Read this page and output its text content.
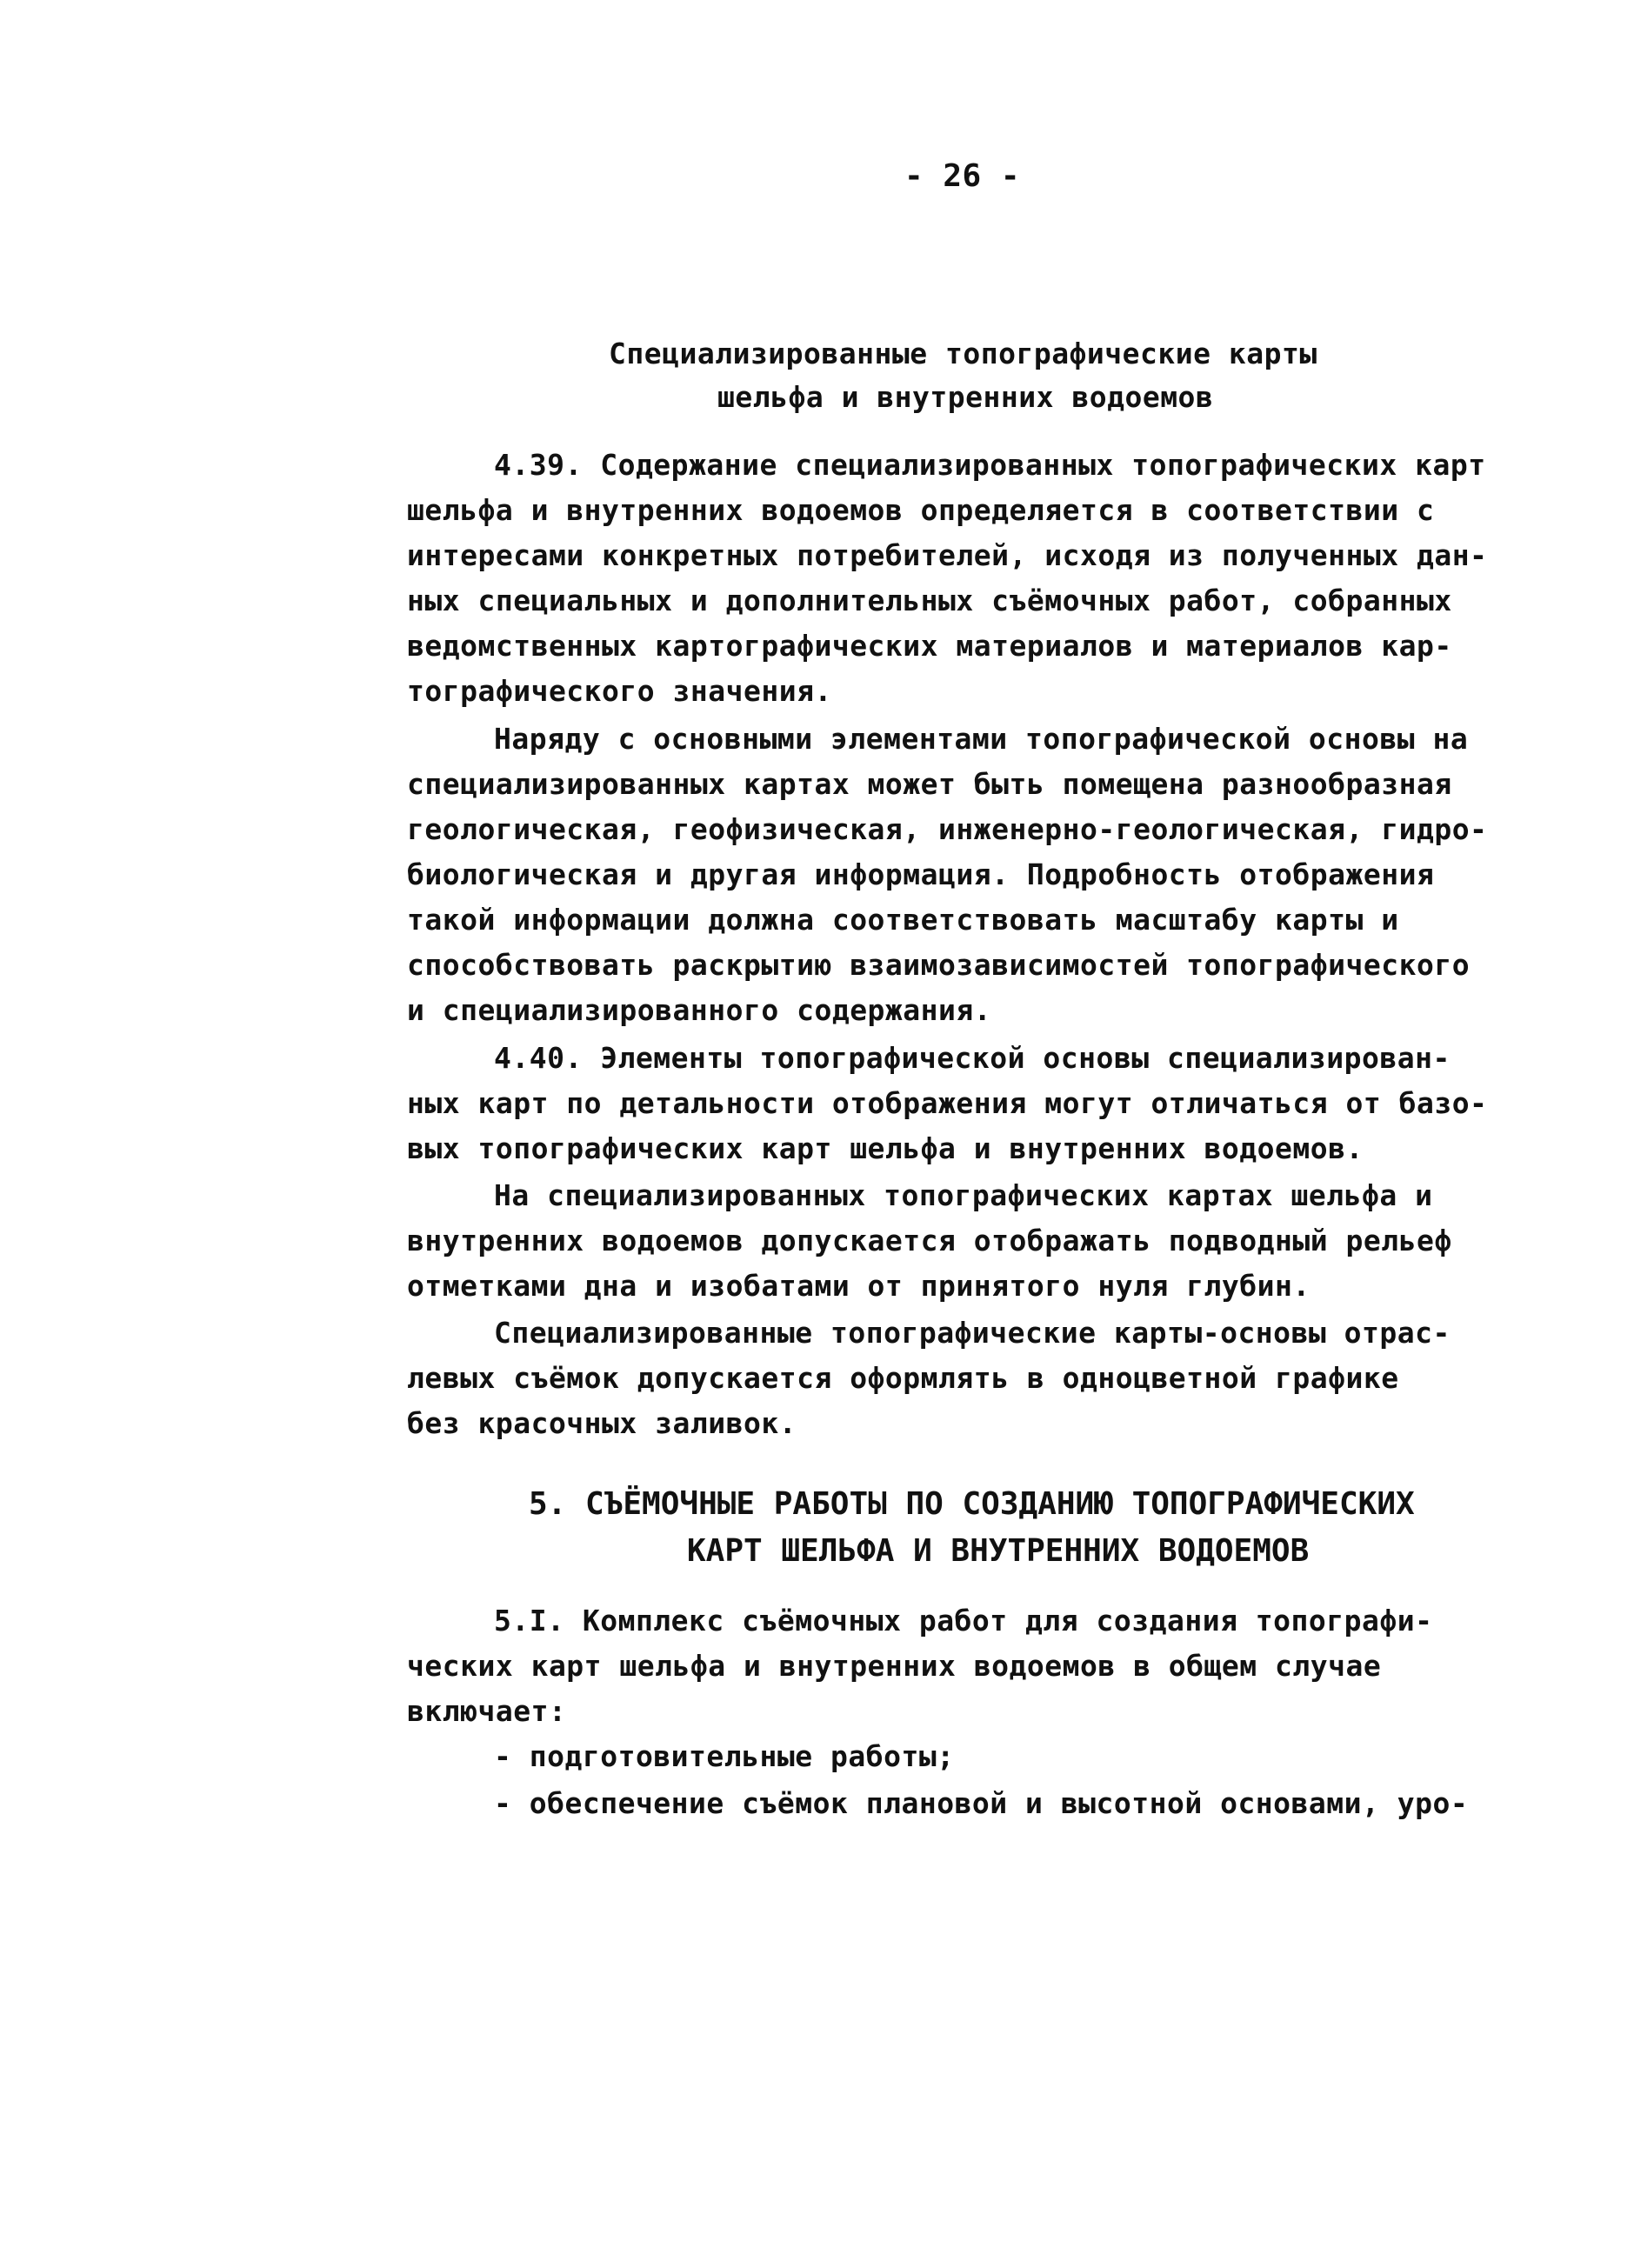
- 26 -
Специализированные топографические карты
шельфа и внутренних водоемов
4.39. Содержание специализированных топографических карт
шельфа и внутренних водоемов определяется в соответствии с
интересами конкретных потребителей, исходя из полученных дан-
ных специальных и дополнительных съёмочных работ, собранных
ведомственных картографических материалов и материалов кар-
тографического значения.
Наряду с основными элементами топографической основы на
специализированных картах может быть помещена разнообразная
геологическая, геофизическая, инженерно-геологическая, гидро-
биологическая и другая информация. Подробность отображения
такой информации должна соответствовать масштабу карты и
способствовать раскрытию взаимозависимостей топографического
и специализированного содержания.
4.40. Элементы топографической основы специализирован-
ных карт по детальности отображения могут отличаться от базо-
вых топографических карт шельфа и внутренних водоемов.
На специализированных топографических картах шельфа и
внутренних водоемов допускается отображать подводный рельеф
отметками дна и изобатами от принятого нуля глубин.
Специализированные топографические карты-основы отрас-
левых съёмок допускается оформлять в одноцветной графике
без красочных заливок.
5. СЪЁМОЧНЫЕ РАБОТЫ ПО СОЗДАНИЮ ТОПОГРАФИЧЕСКИХ
КАРТ ШЕЛЬФА И ВНУТРЕННИХ ВОДОЕМОВ
5.I. Комплекс съёмочных работ для создания топографи-
ческих карт шельфа и внутренних водоемов в общем случае
включает:
- подготовительные работы;
- обеспечение съёмок плановой и высотной основами, уро-
